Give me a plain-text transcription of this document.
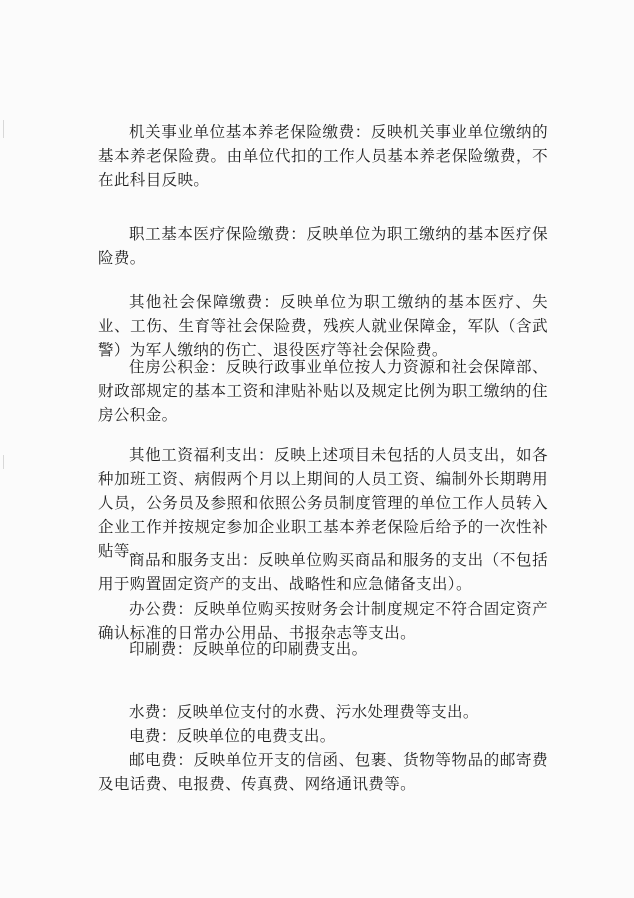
机关事业单位基本养老保险缴费：反映机关事业单位缴纳的基本养老保险费。由单位代扣的工作人员基本养老保险缴费，不在此科目反映。

职工基本医疗保险缴费：反映单位为职工缴纳的基本医疗保险费。

其他社会保障缴费：反映单位为职工缴纳的基本医疗、失业、工伤、生育等社会保险费，残疾人就业保障金，军队（含武警）为军人缴纳的伤亡、退役医疗等社会保险费。

住房公积金：反映行政事业单位按人力资源和社会保障部、财政部规定的基本工资和津贴补贴以及规定比例为职工缴纳的住房公积金。

其他工资福利支出：反映上述项目未包括的人员支出，如各种加班工资、病假两个月以上期间的人员工资、编制外长期聘用人员，公务员及参照和依照公务员制度管理的单位工作人员转入企业工作并按规定参加企业职工基本养老保险后给予的一次性补贴等。

商品和服务支出：反映单位购买商品和服务的支出（不包括用于购置固定资产的支出、战略性和应急储备支出）。

办公费：反映单位购买按财务会计制度规定不符合固定资产确认标准的日常办公用品、书报杂志等支出。

印刷费：反映单位的印刷费支出。

水费：反映单位支付的水费、污水处理费等支出。

电费：反映单位的电费支出。

邮电费：反映单位开支的信函、包裹、货物等物品的邮寄费及电话费、电报费、传真费、网络通讯费等。
